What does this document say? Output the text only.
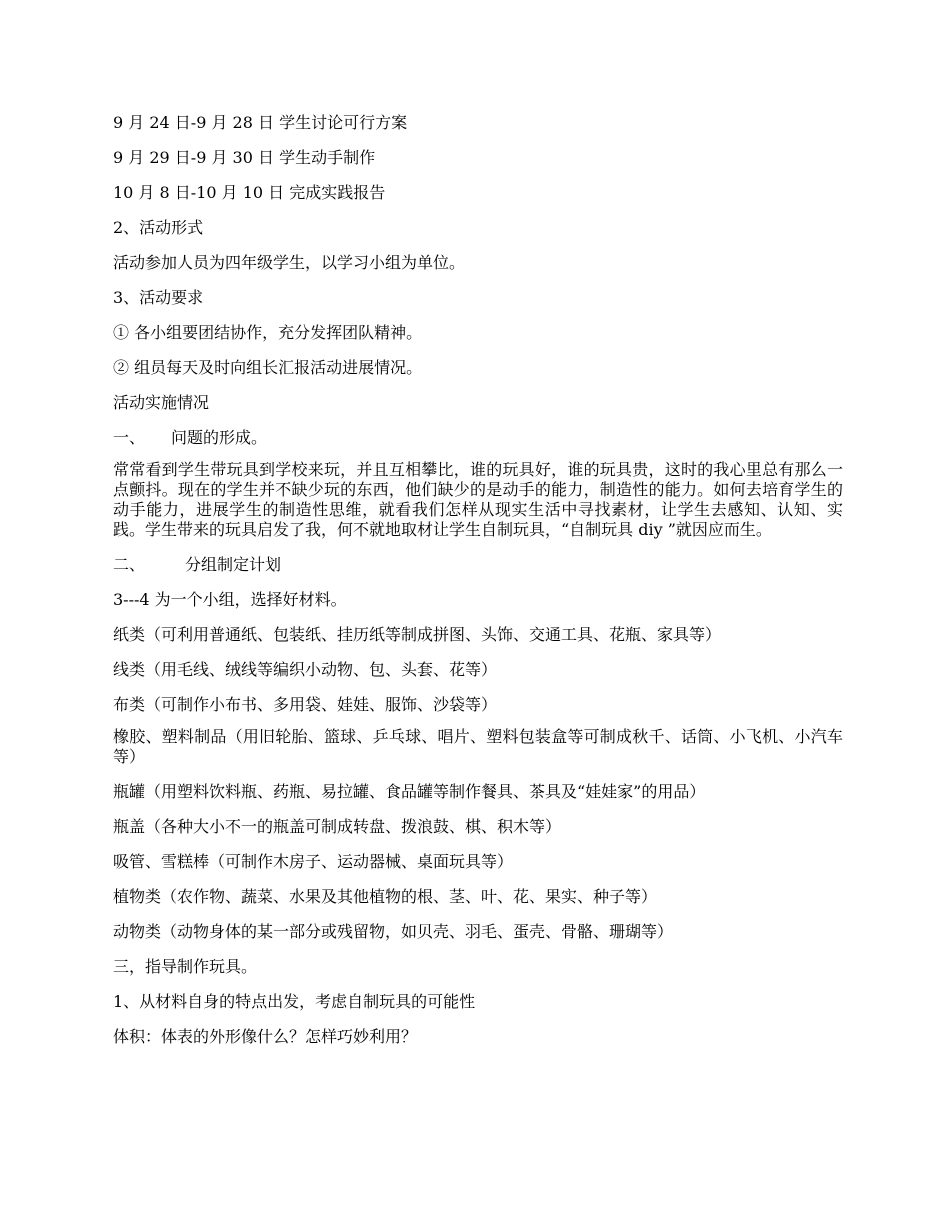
9 月 24 日-9 月 28 日 学生讨论可行方案
9 月 29 日-9 月 30 日 学生动手制作
10 月 8 日-10 月 10 日 完成实践报告
2、活动形式
活动参加人员为四年级学生，以学习小组为单位。
3、活动要求
① 各小组要团结协作，充分发挥团队精神。
② 组员每天及时向组长汇报活动进展情况。
活动实施情况
一、 问题的形成。
常常看到学生带玩具到学校来玩，并且互相攀比，谁的玩具好，谁的玩具贵，这时的我心里总有那么一点颤抖。现在的学生并不缺少玩的东西，他们缺少的是动手的能力，制造性的能力。如何去培育学生的动手能力，进展学生的制造性思维，就看我们怎样从现实生活中寻找素材，让学生去感知、认知、实践。学生带来的玩具启发了我，何不就地取材让学生自制玩具，“自制玩具 diy ”就因应而生。
二、 分组制定计划
3---4 为一个小组，选择好材料。
纸类（可利用普通纸、包装纸、挂历纸等制成拼图、头饰、交通工具、花瓶、家具等）
线类（用毛线、绒线等编织小动物、包、头套、花等）
布类（可制作小布书、多用袋、娃娃、服饰、沙袋等）
橡胶、塑料制品（用旧轮胎、篮球、乒乓球、唱片、塑料包装盒等可制成秋千、话筒、小飞机、小汽车等）
瓶罐（用塑料饮料瓶、药瓶、易拉罐、食品罐等制作餐具、茶具及“娃娃家”的用品）
瓶盖（各种大小不一的瓶盖可制成转盘、拨浪鼓、棋、积木等）
吸管、雪糕棒（可制作木房子、运动器械、桌面玩具等）
植物类（农作物、蔬菜、水果及其他植物的根、茎、叶、花、果实、种子等）
动物类（动物身体的某一部分或残留物，如贝壳、羽毛、蛋壳、骨骼、珊瑚等）
三，指导制作玩具。
1、从材料自身的特点出发，考虑自制玩具的可能性
体积：体表的外形像什么？怎样巧妙利用？
